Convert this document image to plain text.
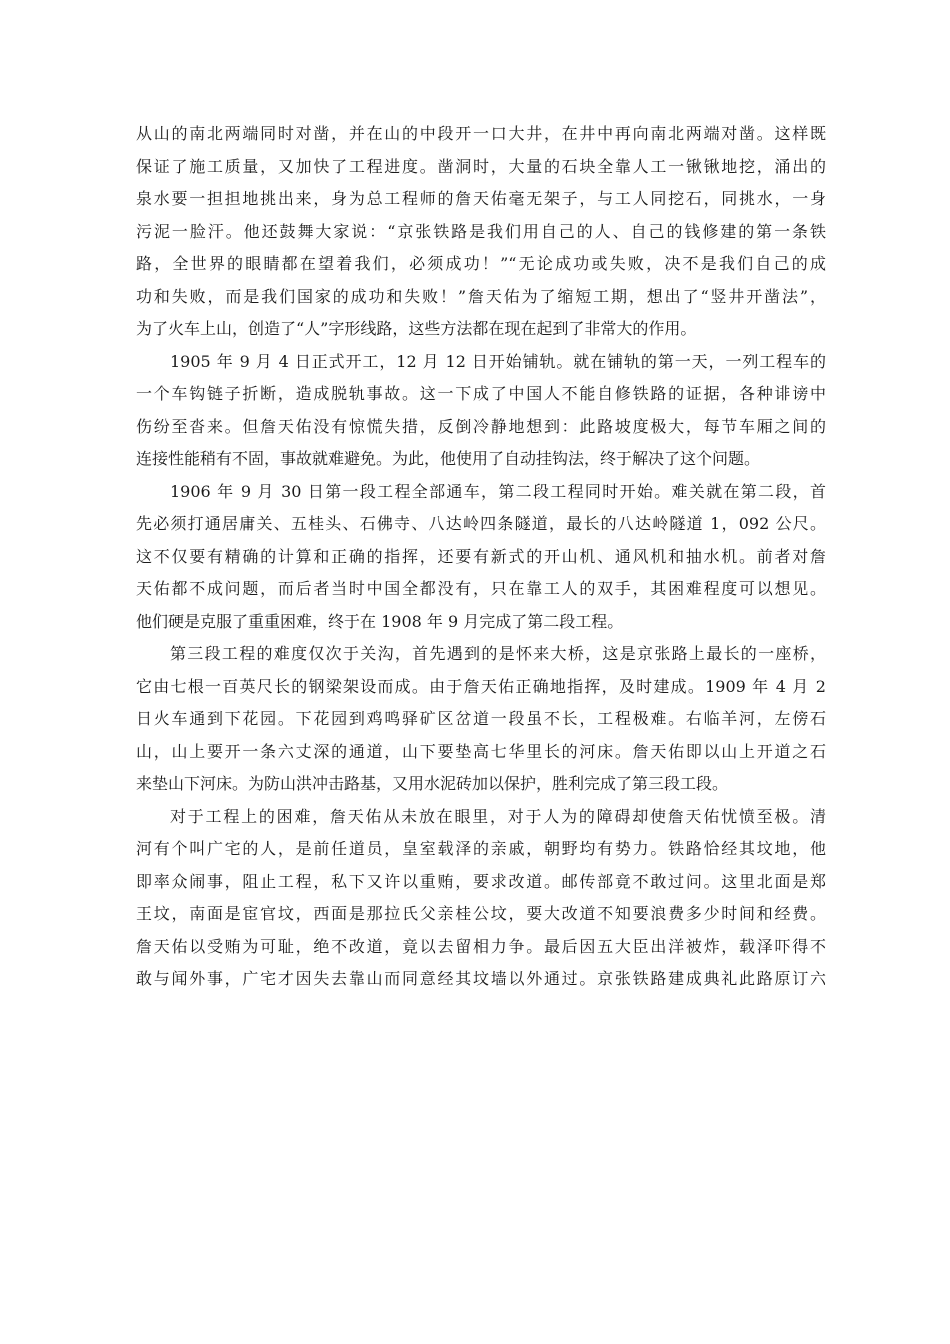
从山的南北两端同时对凿，并在山的中段开一口大井，在井中再向南北两端对凿。这样既
保证了施工质量，又加快了工程进度。凿洞时，大量的石块全靠人工一锹锹地挖，涌出的
泉水要一担担地挑出来，身为总工程师的詹天佑毫无架子，与工人同挖石，同挑水，一身
污泥一脸汗。他还鼓舞大家说：“京张铁路是我们用自己的人、自己的钱修建的第一条铁
路，全世界的眼睛都在望着我们，必须成功！”“无论成功或失败，决不是我们自己的成
功和失败，而是我们国家的成功和失败！”詹天佑为了缩短工期，想出了“竖井开凿法”，
为了火车上山，创造了“人”字形线路，这些方法都在现在起到了非常大的作用。
1905 年 9 月 4 日正式开工，12 月 12 日开始铺轨。就在铺轨的第一天，一列工程车的
一个车钩链子折断，造成脱轨事故。这一下成了中国人不能自修铁路的证据，各种诽谤中
伤纷至沓来。但詹天佑没有惊慌失措，反倒冷静地想到：此路坡度极大，每节车厢之间的
连接性能稍有不固，事故就难避免。为此，他使用了自动挂钩法，终于解决了这个问题。
1906 年 9 月 30 日第一段工程全部通车，第二段工程同时开始。难关就在第二段，首
先必须打通居庸关、五桂头、石佛寺、八达岭四条隧道，最长的八达岭隧道 1，092 公尺。
这不仅要有精确的计算和正确的指挥，还要有新式的开山机、通风机和抽水机。前者对詹
天佑都不成问题，而后者当时中国全都没有，只在靠工人的双手，其困难程度可以想见。
他们硬是克服了重重困难，终于在 1908 年 9 月完成了第二段工程。
第三段工程的难度仅次于关沟，首先遇到的是怀来大桥，这是京张路上最长的一座桥，
它由七根一百英尺长的钢梁架设而成。由于詹天佑正确地指挥，及时建成。1909 年 4 月 2
日火车通到下花园。下花园到鸡鸣驿矿区岔道一段虽不长，工程极难。右临羊河，左傍石
山，山上要开一条六丈深的通道，山下要垫高七华里长的河床。詹天佑即以山上开道之石
来垫山下河床。为防山洪冲击路基，又用水泥砖加以保护，胜利完成了第三段工段。
对于工程上的困难，詹天佑从未放在眼里，对于人为的障碍却使詹天佑忧愤至极。清
河有个叫广宅的人，是前任道员，皇室载泽的亲戚，朝野均有势力。铁路恰经其坟地，他
即率众闹事，阻止工程，私下又许以重贿，要求改道。邮传部竟不敢过问。这里北面是郑
王坟，南面是宦官坟，西面是那拉氏父亲桂公坟，要大改道不知要浪费多少时间和经费。
詹天佑以受贿为可耻，绝不改道，竟以去留相力争。最后因五大臣出洋被炸，载泽吓得不
敢与闻外事，广宅才因失去靠山而同意经其坟墙以外通过。京张铁路建成典礼此路原订六
